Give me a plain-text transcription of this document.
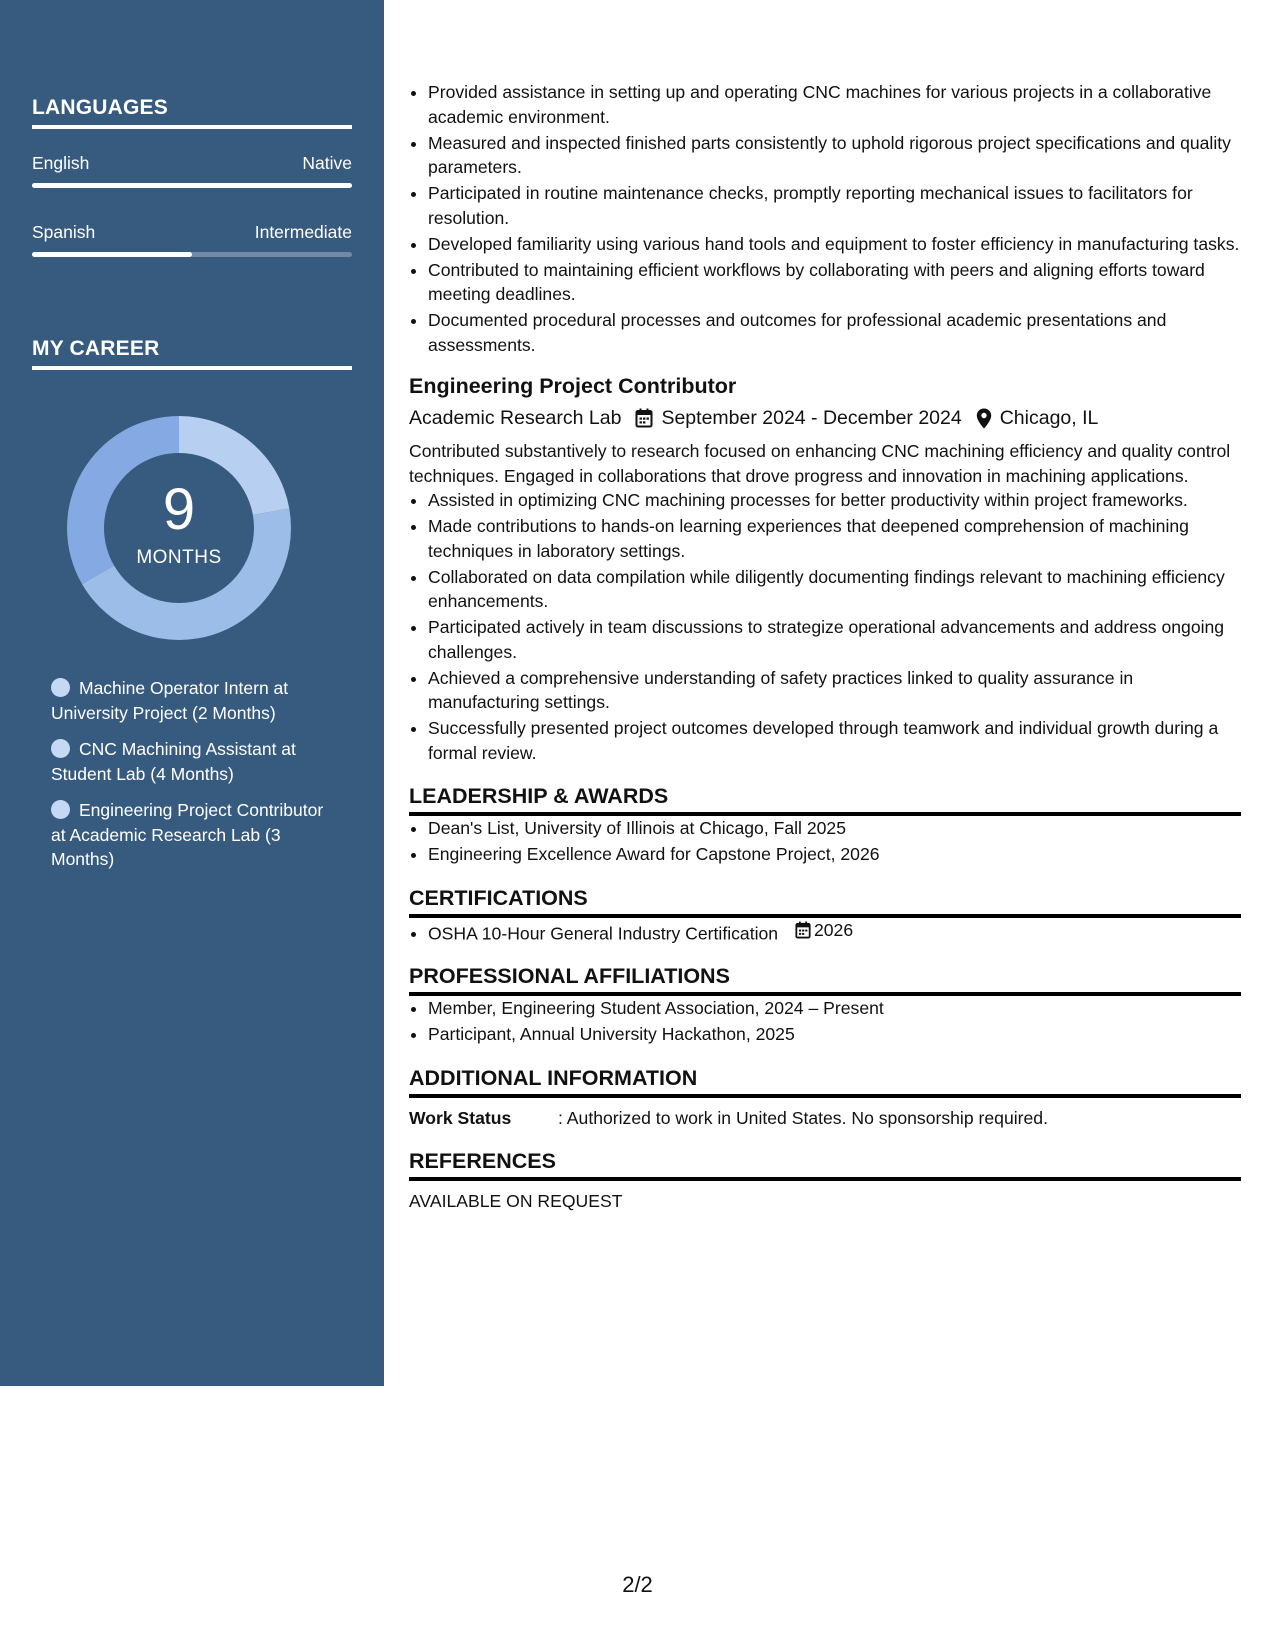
LANGUAGES
English	Native
Spanish	Intermediate
MY CAREER
9
MONTHS
Machine Operator Intern at University Project (2 Months)
CNC Machining Assistant at Student Lab (4 Months)
Engineering Project Contributor at Academic Research Lab (3 Months)
• Provided assistance in setting up and operating CNC machines for various projects in a collaborative academic environment.
• Measured and inspected finished parts consistently to uphold rigorous project specifications and quality parameters.
• Participated in routine maintenance checks, promptly reporting mechanical issues to facilitators for resolution.
• Developed familiarity using various hand tools and equipment to foster efficiency in manufacturing tasks.
• Contributed to maintaining efficient workflows by collaborating with peers and aligning efforts toward meeting deadlines.
• Documented procedural processes and outcomes for professional academic presentations and assessments.
Engineering Project Contributor
Academic Research Lab September 2024 - December 2024 Chicago, IL
Contributed substantively to research focused on enhancing CNC machining efficiency and quality control techniques. Engaged in collaborations that drove progress and innovation in machining applications.
• Assisted in optimizing CNC machining processes for better productivity within project frameworks.
• Made contributions to hands-on learning experiences that deepened comprehension of machining techniques in laboratory settings.
• Collaborated on data compilation while diligently documenting findings relevant to machining efficiency enhancements.
• Participated actively in team discussions to strategize operational advancements and address ongoing challenges.
• Achieved a comprehensive understanding of safety practices linked to quality assurance in manufacturing settings.
• Successfully presented project outcomes developed through teamwork and individual growth during a formal review.
LEADERSHIP & AWARDS
• Dean's List, University of Illinois at Chicago, Fall 2025
• Engineering Excellence Award for Capstone Project, 2026
CERTIFICATIONS
• OSHA 10-Hour General Industry Certification 2026
PROFESSIONAL AFFILIATIONS
• Member, Engineering Student Association, 2024 – Present
• Participant, Annual University Hackathon, 2025
ADDITIONAL INFORMATION
Work Status	: Authorized to work in United States. No sponsorship required.
REFERENCES
AVAILABLE ON REQUEST
2/2
